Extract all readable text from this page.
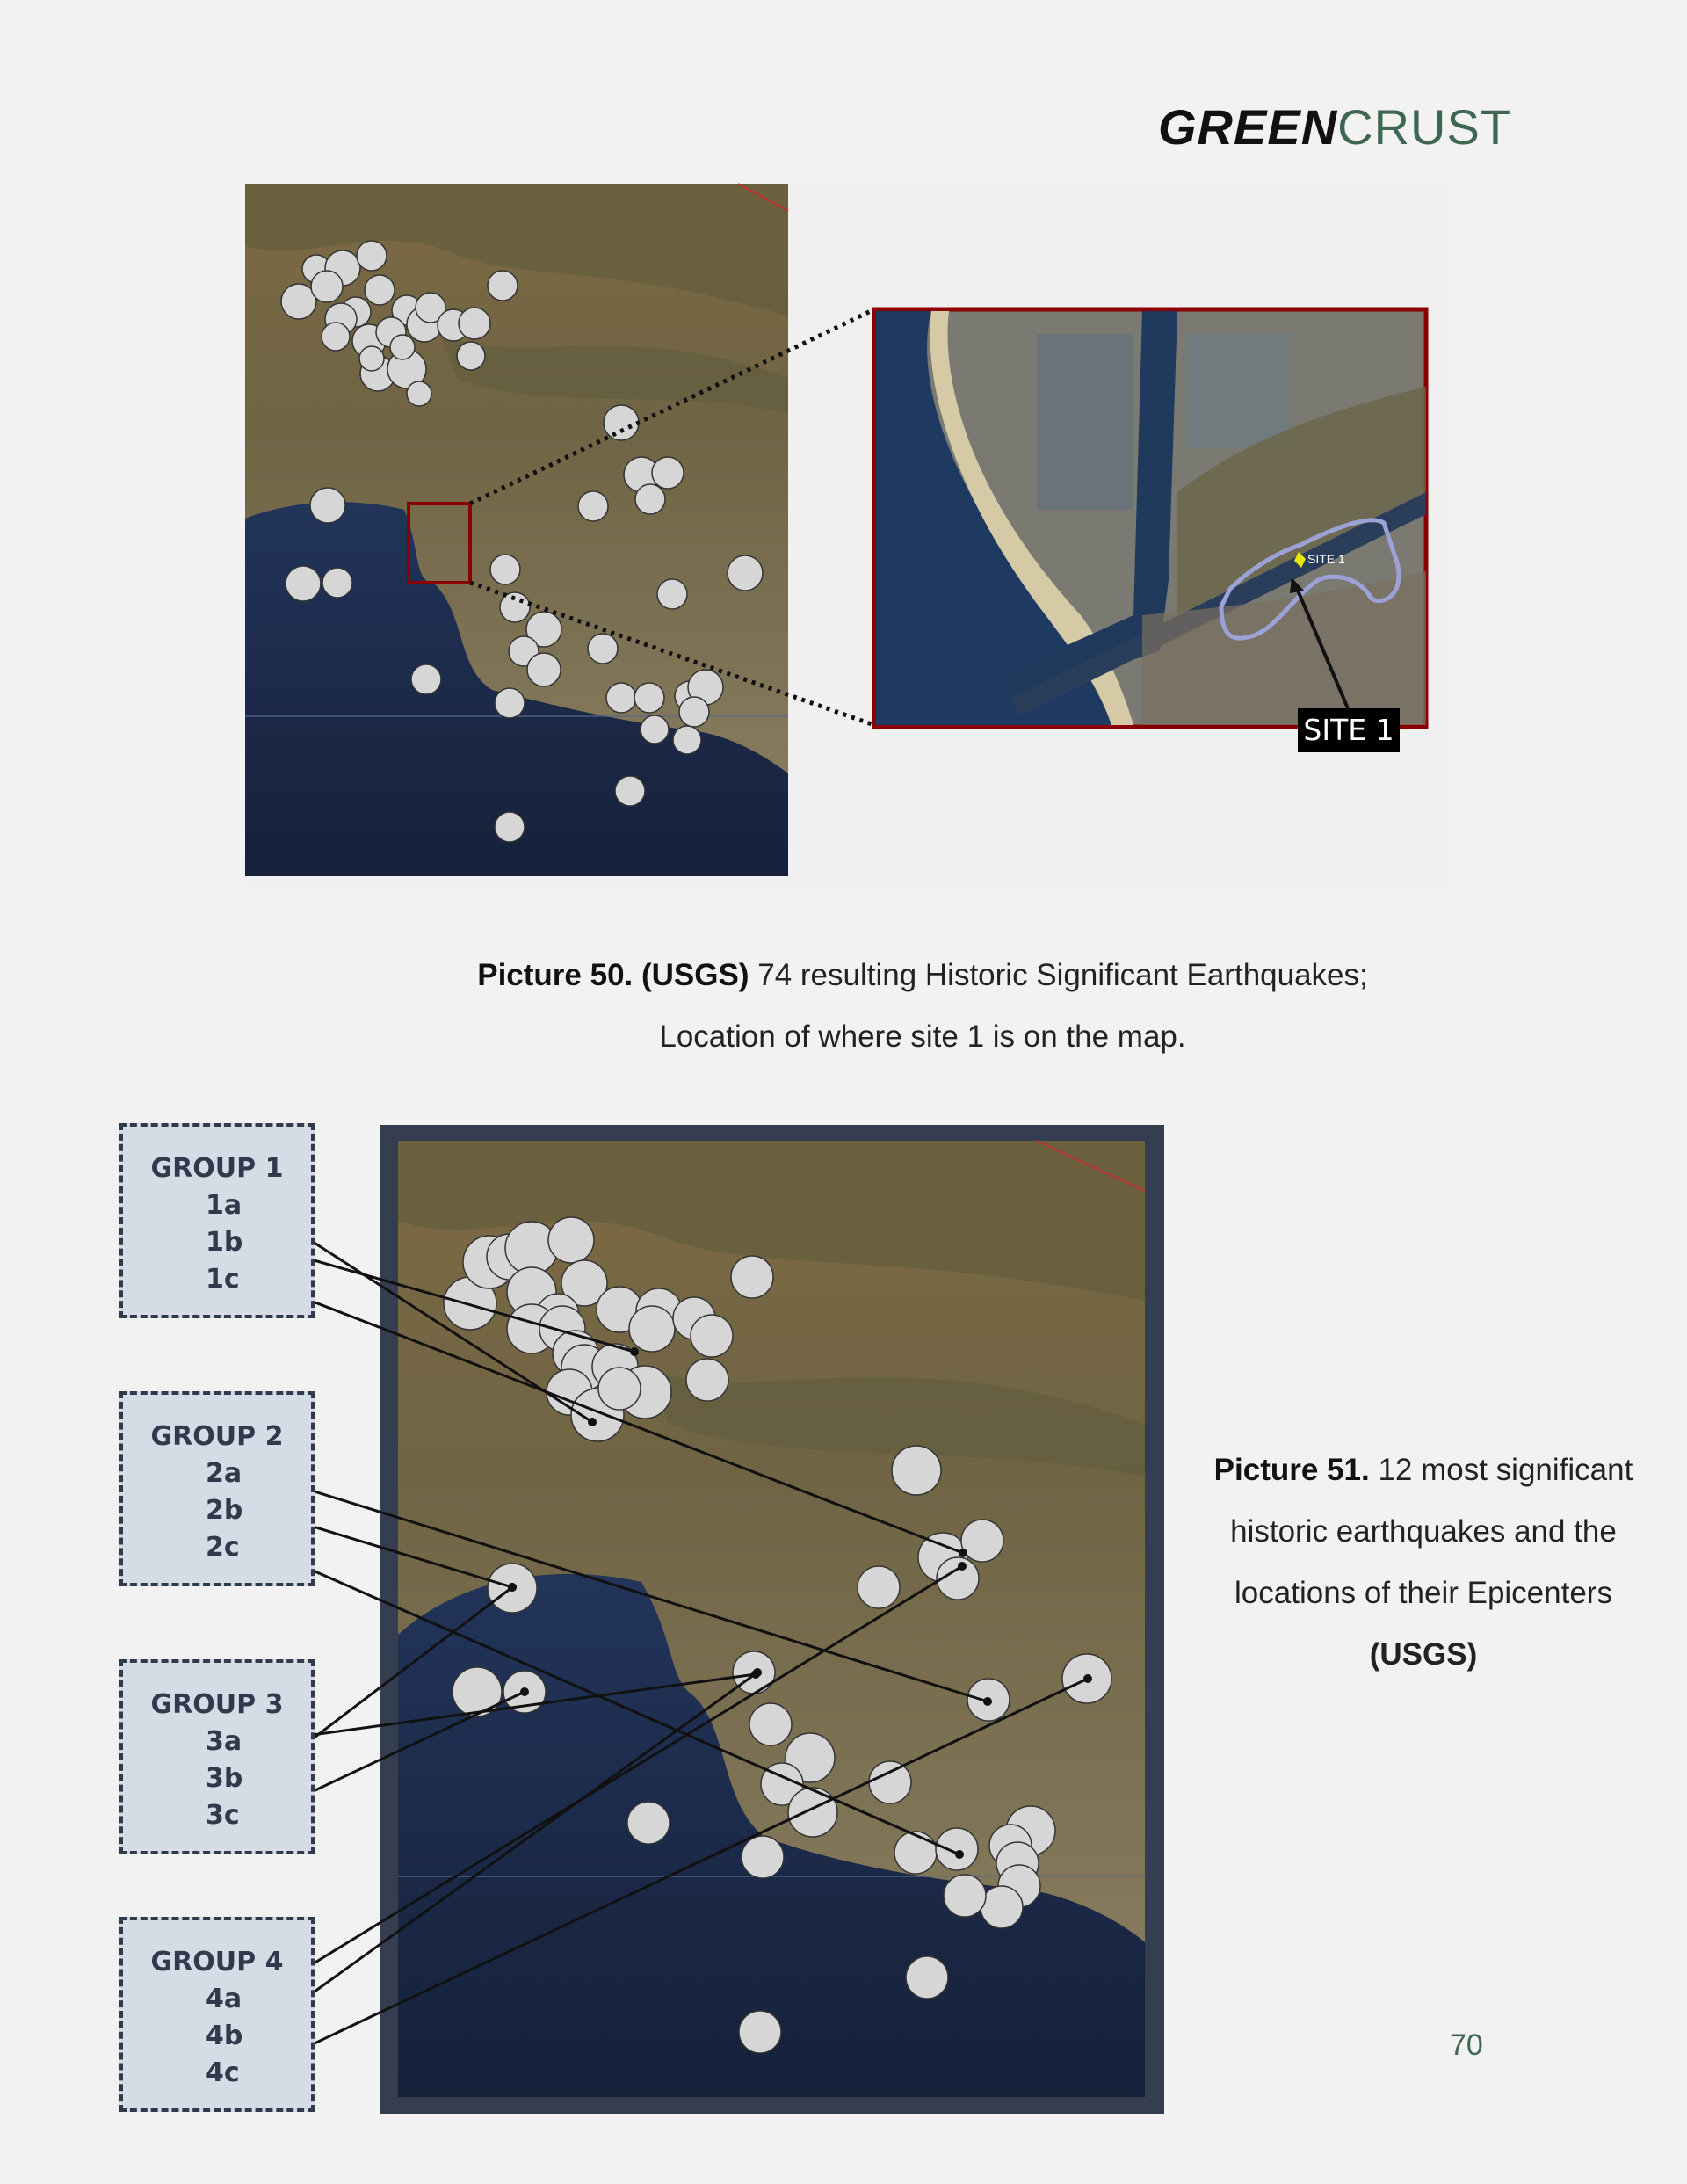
GREENCRUST
SITE 1
SITE 1
Picture 50. (USGS) 74 resulting Historic Significant Earthquakes;
Location of where site 1 is on the map.
GROUP 1
1a
1b
1c
GROUP 2
2a
2b
2c
GROUP 3
3a
3b
3c
GROUP 4
4a
4b
4c
Picture 51. 12 most significant
historic earthquakes and the
locations of their Epicenters
(USGS)
70
